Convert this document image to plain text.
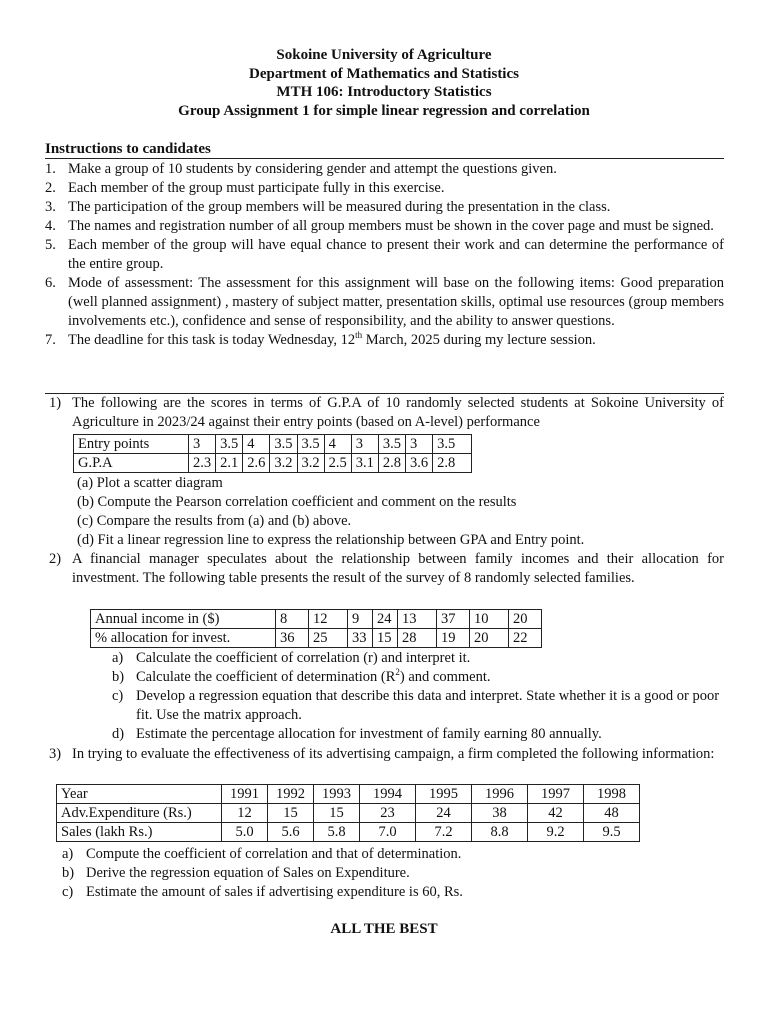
Sokoine University of Agriculture
Department of Mathematics and Statistics
MTH 106: Introductory Statistics
Group Assignment 1 for simple linear regression and correlation
Instructions to candidates
1. Make a group of 10 students by considering gender and attempt the questions given.
2. Each member of the group must participate fully in this exercise.
3. The participation of the group members will be measured during the presentation in the class.
4. The names and registration number of all group members must be shown in the cover page and must be signed.
5. Each member of the group will have equal chance to present their work and can determine the performance of the entire group.
6. Mode of assessment: The assessment for this assignment will base on the following items: Good preparation (well planned assignment) , mastery of subject matter, presentation skills, optimal use resources (group members involvements etc.), confidence and sense of responsibility, and the ability to answer questions.
7. The deadline for this task is today Wednesday, 12th March, 2025 during my lecture session.
1) The following are the scores in terms of G.P.A of 10 randomly selected students at Sokoine University of Agriculture in 2023/24 against their entry points (based on A-level) performance
Entry points	3	3.5	4	3.5	3.5	4	3	3.5	3	3.5
G.P.A	2.3	2.1	2.6	3.2	3.2	2.5	3.1	2.8	3.6	2.8
(a) Plot a scatter diagram
(b) Compute the Pearson correlation coefficient and comment on the results
(c) Compare the results from (a) and (b) above.
(d) Fit a linear regression line to express the relationship between GPA and Entry point.
2) A financial manager speculates about the relationship between family incomes and their allocation for investment. The following table presents the result of the survey of 8 randomly selected families.
Annual income in ($)	8	12	9	24	13	37	10	20
% allocation for invest.	36	25	33	15	28	19	20	22
a) Calculate the coefficient of correlation (r) and interpret it.
b) Calculate the coefficient of determination $(R^2)$ and comment.
c) Develop a regression equation that describe this data and interpret. State whether it is a good or poor fit. Use the matrix approach.
d) Estimate the percentage allocation for investment of family earning 80 annually.
3) In trying to evaluate the effectiveness of its advertising campaign, a firm completed the following information:
Year	1991	1992	1993	1994	1995	1996	1997	1998
Adv.Expenditure (Rs.)	12	15	15	23	24	38	42	48
Sales (lakh Rs.)	5.0	5.6	5.8	7.0	7.2	8.8	9.2	9.5
a) Compute the coefficient of correlation and that of determination.
b) Derive the regression equation of Sales on Expenditure.
c) Estimate the amount of sales if advertising expenditure is 60, Rs.
ALL THE BEST
